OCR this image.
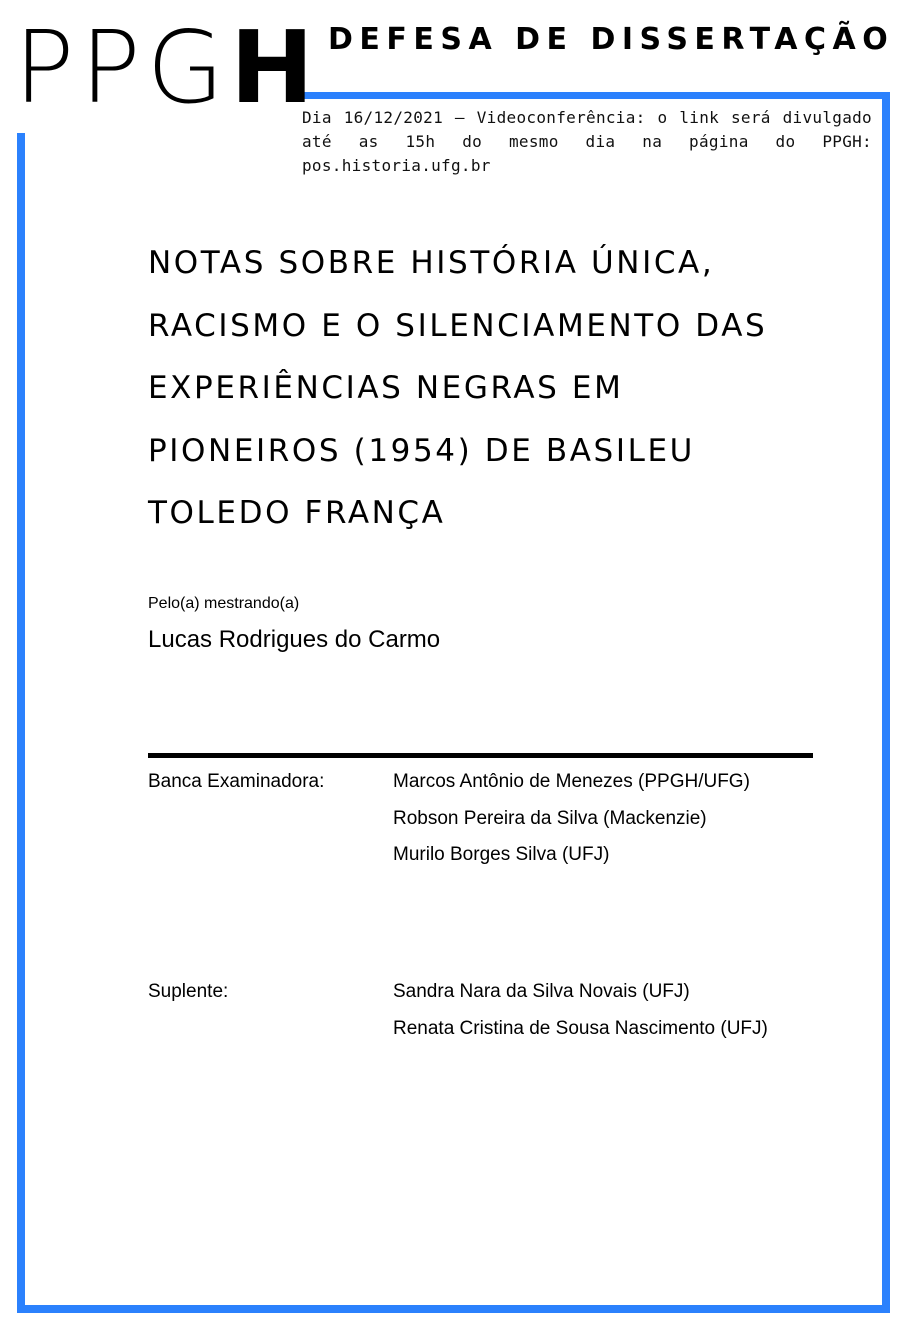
PPGH DEFESA DE DISSERTAÇÃO
Dia 16/12/2021 – Videoconferência: o link será divulgado
até as 15h do mesmo dia na página do PPGH:
pos.historia.ufg.br
NOTAS SOBRE HISTÓRIA ÚNICA,
RACISMO E O SILENCIAMENTO DAS
EXPERIÊNCIAS NEGRAS EM
PIONEIROS (1954) DE BASILEU
TOLEDO FRANÇA
Pelo(a) mestrando(a)
Lucas Rodrigues do Carmo
Banca Examinadora:	Marcos Antônio de Menezes (PPGH/UFG)
Robson Pereira da Silva (Mackenzie)
Murilo Borges Silva (UFJ)
Suplente:	Sandra Nara da Silva Novais (UFJ)
Renata Cristina de Sousa Nascimento (UFJ)
